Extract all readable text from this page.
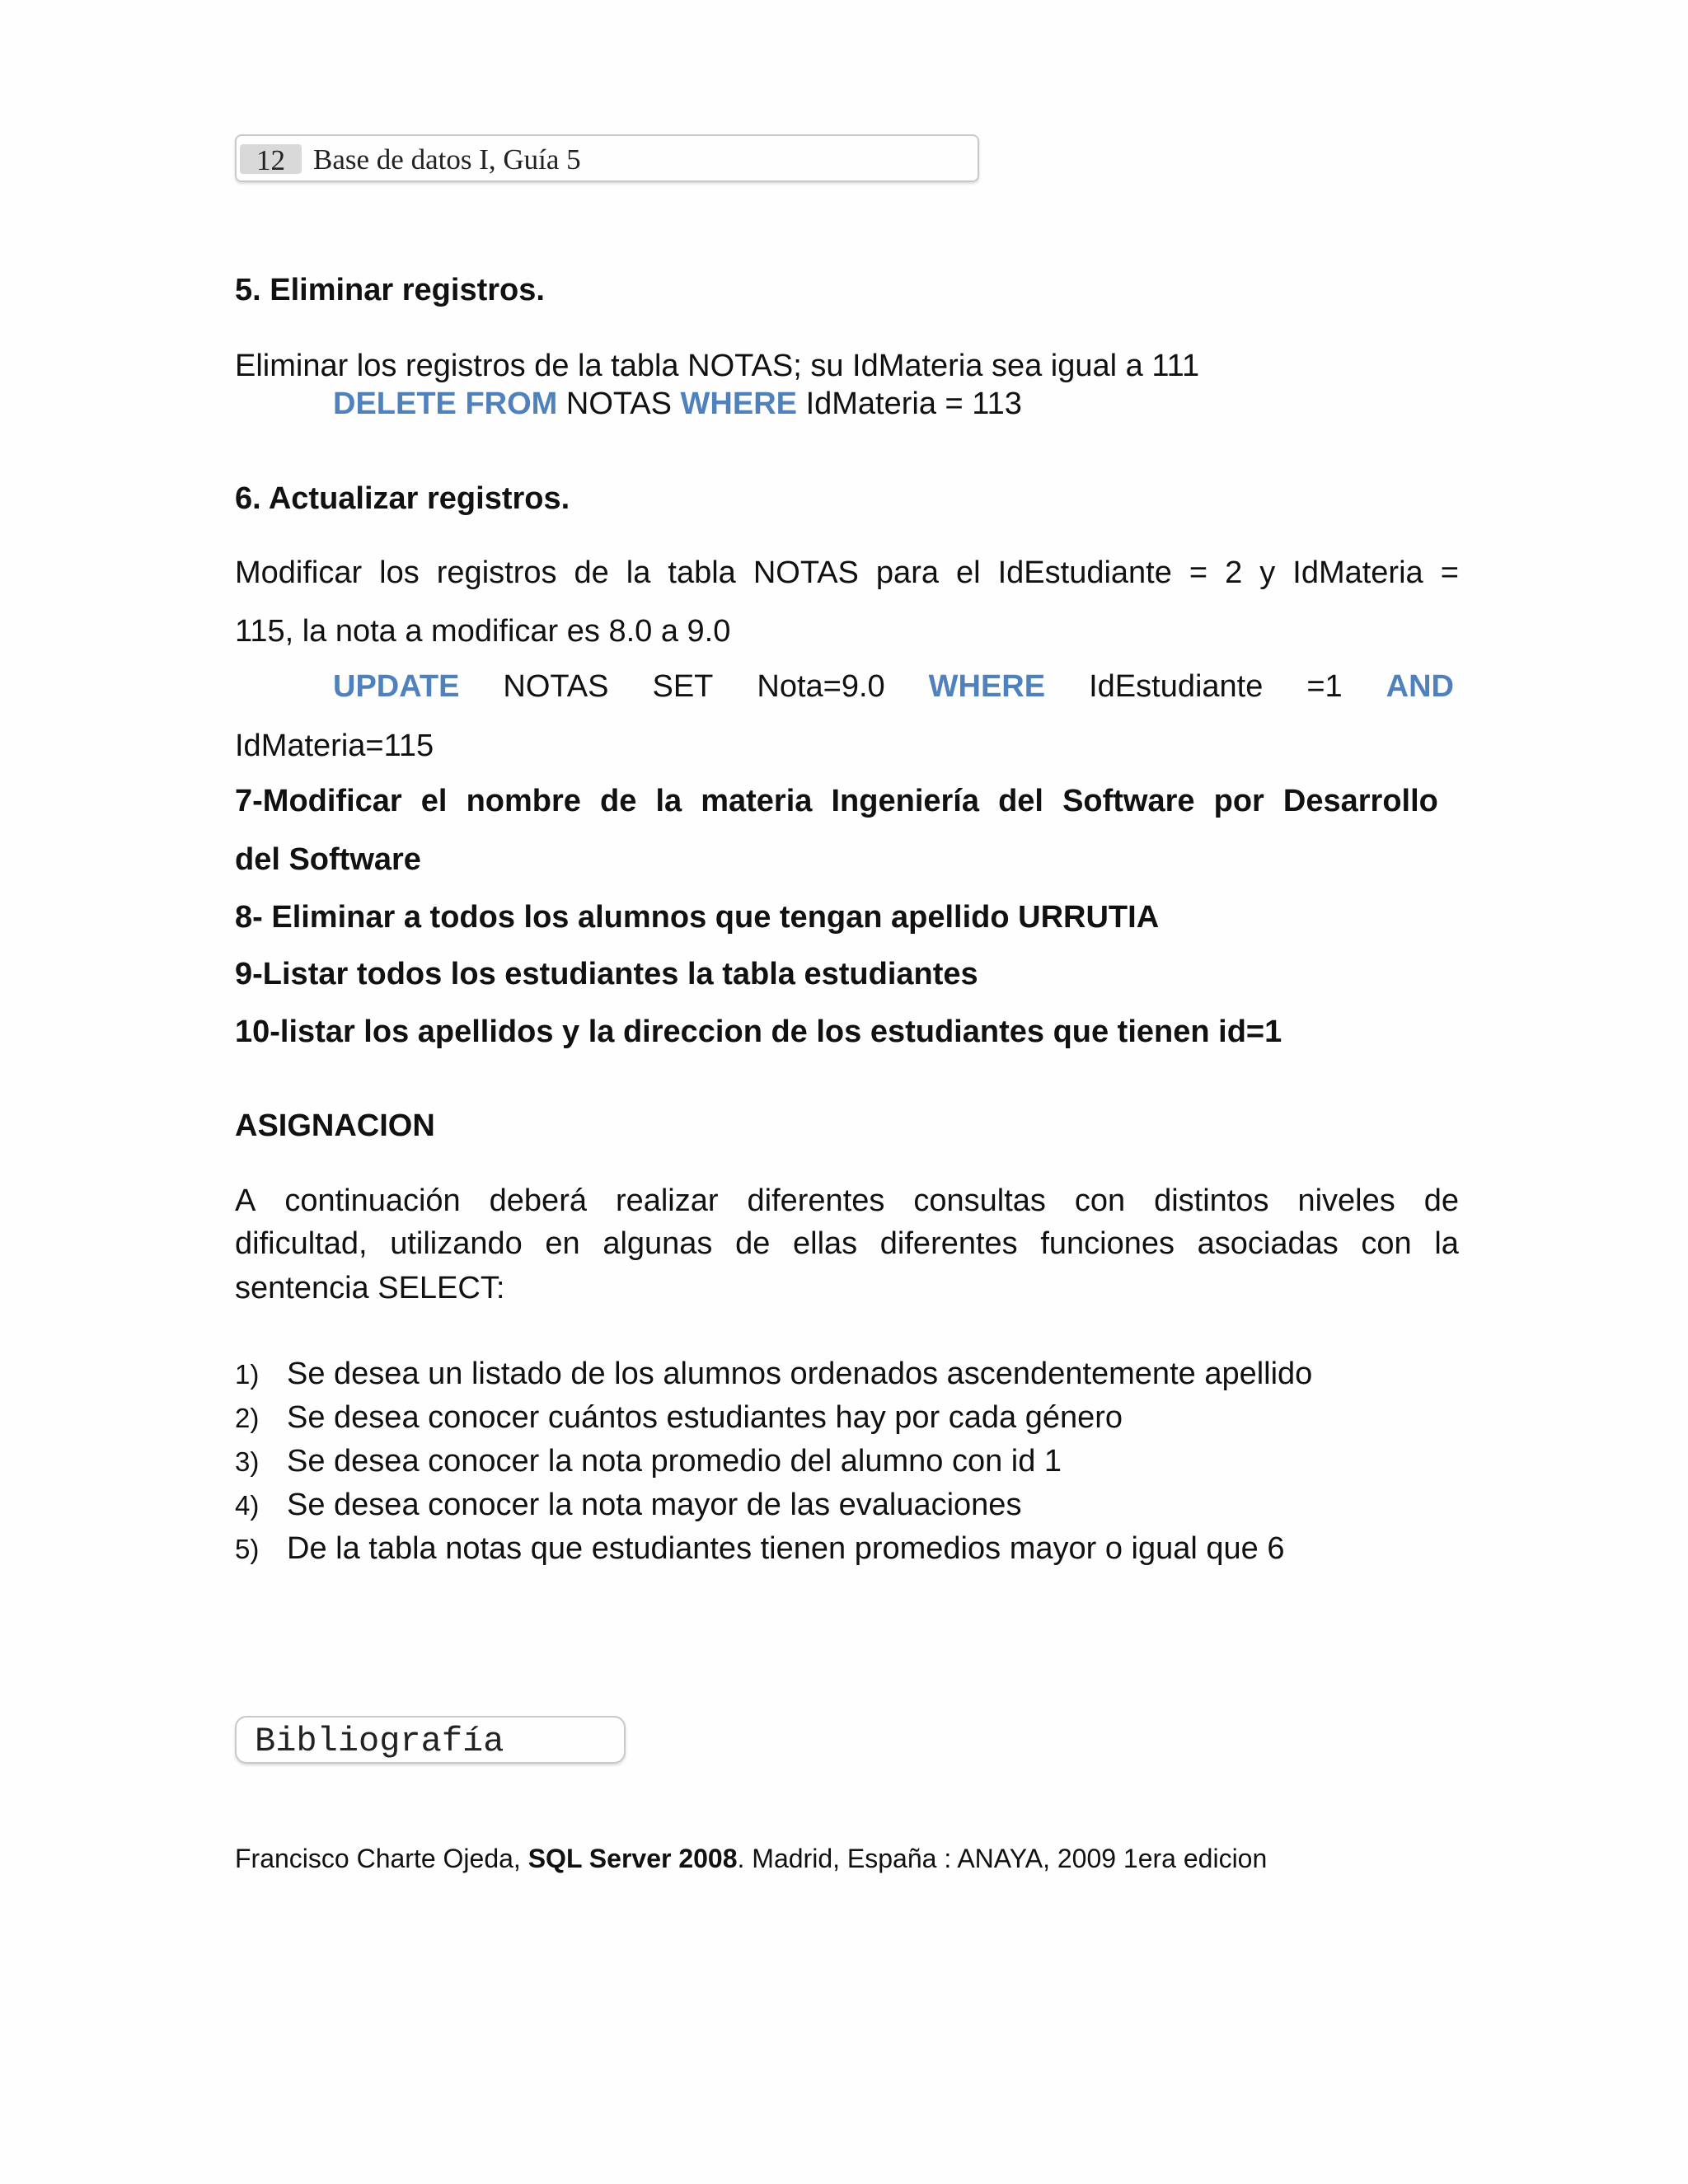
12 Base de datos I, Guía 5
5. Eliminar registros.
Eliminar los registros de la tabla NOTAS; su IdMateria sea igual a 111
DELETE FROM NOTAS WHERE IdMateria = 113
6. Actualizar registros.
Modificar los registros de la tabla NOTAS para el IdEstudiante = 2 y IdMateria =
115, la nota a modificar es 8.0 a 9.0
UPDATE NOTAS SET Nota=9.0 WHERE IdEstudiante =1 AND
IdMateria=115
7-Modificar el nombre de la materia Ingeniería del Software por Desarrollo
del Software
8- Eliminar a todos los alumnos que tengan apellido URRUTIA
9-Listar todos los estudiantes la tabla estudiantes
10-listar los apellidos y la direccion de los estudiantes que tienen id=1
ASIGNACION
A continuación deberá realizar diferentes consultas con distintos niveles de
dificultad, utilizando en algunas de ellas diferentes funciones asociadas con la
sentencia SELECT:
1) Se desea un listado de los alumnos ordenados ascendentemente apellido
2) Se desea conocer cuántos estudiantes hay por cada género
3) Se desea conocer la nota promedio del alumno con id 1
4) Se desea conocer la nota mayor de las evaluaciones
5) De la tabla notas que estudiantes tienen promedios mayor o igual que 6
Bibliografía
Francisco Charte Ojeda, SQL Server 2008. Madrid, España : ANAYA, 2009 1era edicion
